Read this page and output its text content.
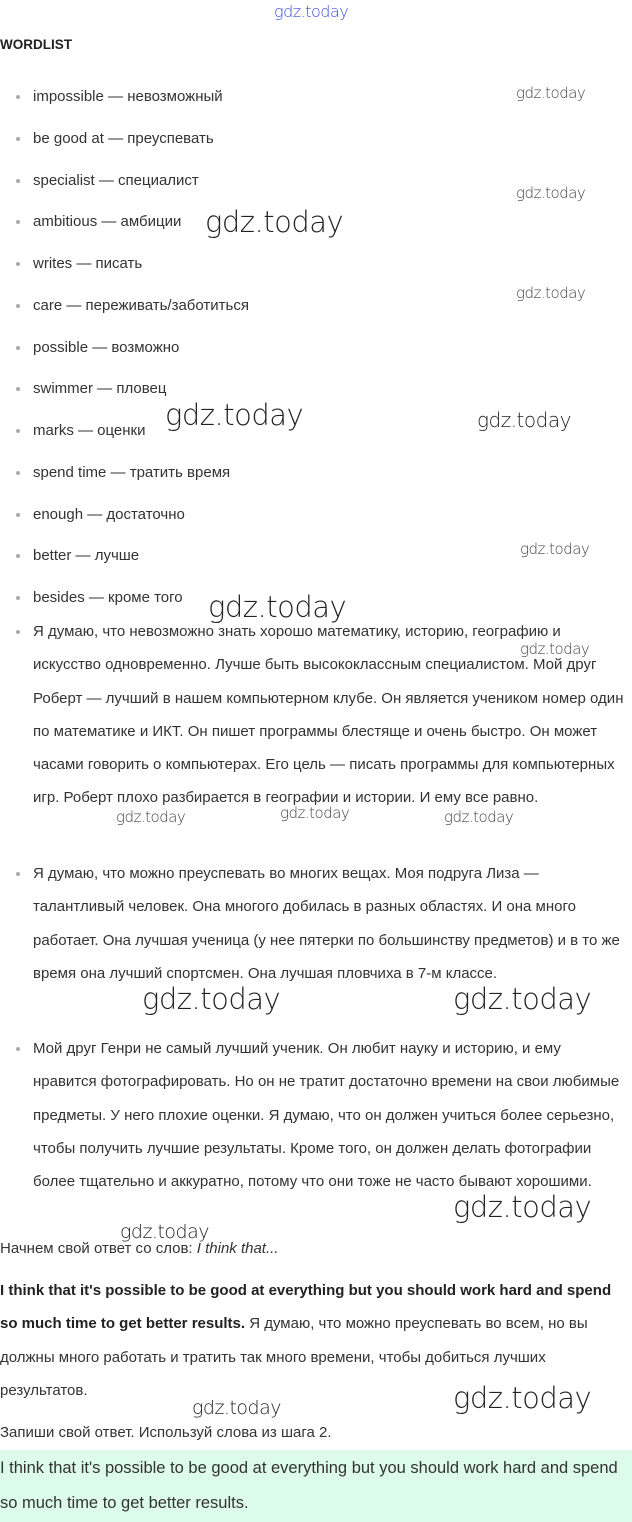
WORDLIST
impossible — невозможный
be good at — преуспевать
specialist — специалист
ambitious — амбиции
writes — писать
care — переживать/заботиться
possible — возможно
swimmer — пловец
marks — оценки
spend time — тратить время
enough — достаточно
better — лучше
besides — кроме того
Я думаю, что невозможно знать хорошо математику, историю, географию и искусство одновременно. Лучше быть высококлассным специалистом. Мой друг Роберт — лучший в нашем компьютерном клубе. Он является учеником номер один по математике и ИКТ. Он пишет программы блестяще и очень быстро. Он может часами говорить о компьютерах. Его цель — писать программы для компьютерных игр. Роберт плохо разбирается в географии и истории. И ему все равно.
Я думаю, что можно преуспевать во многих вещах. Моя подруга Лиза — талантливый человек. Она многого добилась в разных областях. И она много работает. Она лучшая ученица (у нее пятерки по большинству предметов) и в то же время она лучший спортсмен. Она лучшая пловчиха в 7-м классе.
Мой друг Генри не самый лучший ученик. Он любит науку и историю, и ему нравится фотографировать. Но он не тратит достаточно времени на свои любимые предметы. У него плохие оценки. Я думаю, что он должен учиться более серьезно, чтобы получить лучшие результаты. Кроме того, он должен делать фотографии более тщательно и аккуратно, потому что они тоже не часто бывают хорошими.
Начнем свой ответ со слов: I think that...
I think that it's possible to be good at everything but you should work hard and spend so much time to get better results. Я думаю, что можно преуспевать во всем, но вы должны много работать и тратить так много времени, чтобы добиться лучших результатов.
Запиши свой ответ. Используй слова из шага 2.

I think that it's possible to be good at everything but you should work hard and spend so much time to get better results.

gdz.today
gdz.today
gdz.today
gdz.today
gdz.today
gdz.today	gdz.today
gdz.today
gdz.today
gdz.today
gdz.today	gdz.today	gdz.today
gdz.today	gdz.today
gdz.today
gdz.today
gdz.today
gdz.today
